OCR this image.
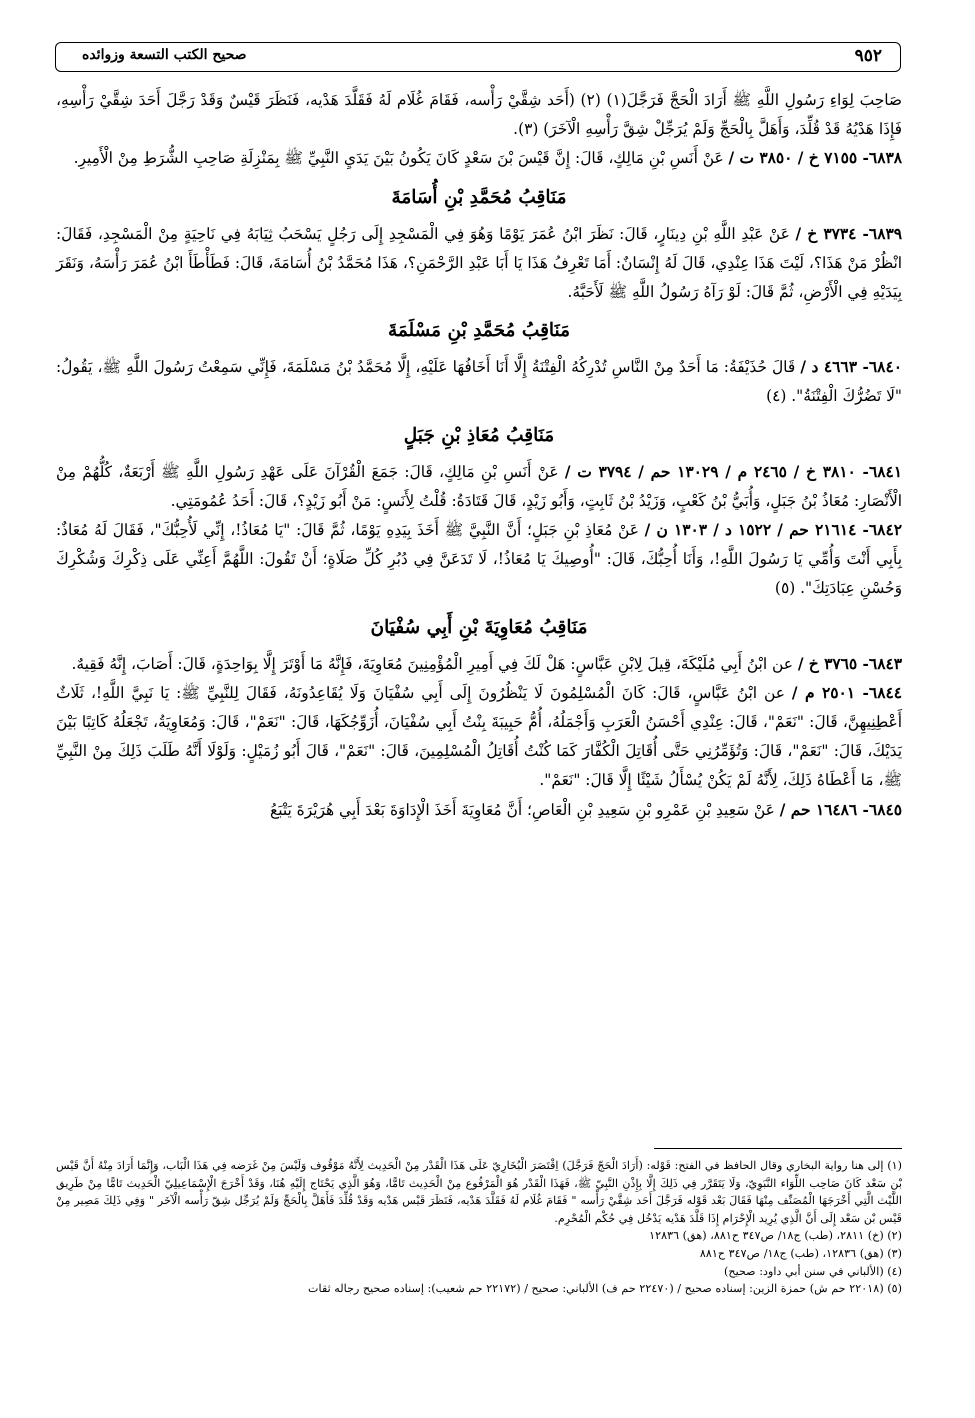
٩٥٢
صحيح الكتب التسعة وزوائده

صَاحِبَ لِوَاءِ رَسُولِ اللَّهِ ﷺ أَرَادَ الْحَجَّ فَرَجَّلَ(١) (٢) (أَحَد شِقَّيْ رَأْسه، فَقَامَ غُلَام لَهُ فَقَلَّدَ هَدْيه، فَنَظَرَ قَيْسٌ وَقَدْ رَجَّلَ أَحَدَ شِقَّيْ رَأْسِهِ، فَإِذَا هَدْيُهُ قَدْ قُلِّدَ، وَأَهَلَّ بِالْحَجِّ وَلَمْ يُرَجِّلْ شِقَّ رَأْسِهِ الْآخَرَ) (٣).

٦٨٣٨- ٧١٥٥ خ / ٣٨٥٠ ت / عَنْ أَنَسِ بْنِ مَالِكٍ، قَالَ: إِنَّ قَيْسَ بْنَ سَعْدٍ كَانَ يَكُونُ بَيْنَ يَدَيِ النَّبِيِّ ﷺ بِمَنْزِلَةِ صَاحِبِ الشُّرَطِ مِنْ الْأَمِيرِ.

مَنَاقِبُ مُحَمَّدِ بْنِ أُسَامَةَ

٦٨٣٩- ٣٧٣٤ خ / عَنْ عَبْدِ اللَّهِ بْنِ دِينَارٍ، قَالَ: نَظَرَ ابْنُ عُمَرَ يَوْمًا وَهُوَ فِي الْمَسْجِدِ إِلَى رَجُلٍ يَسْحَبُ ثِيَابَهُ فِي نَاحِيَةٍ مِنْ الْمَسْجِدِ، فَقَالَ: انْظُرْ مَنْ هَذَا؟، لَيْتَ هَذَا عِنْدِي، قَالَ لَهُ إِنْسَانٌ: أَمَا تَعْرِفُ هَذَا يَا أَبَا عَبْدِ الرَّحْمَنِ؟، هَذَا مُحَمَّدُ بْنُ أُسَامَةَ، قَالَ: فَطَأْطَأَ ابْنُ عُمَرَ رَأْسَهُ، وَنَقَرَ بِيَدَيْهِ فِي الْأَرْضِ، ثُمَّ قَالَ: لَوْ رَآهُ رَسُولُ اللَّهِ ﷺ لَأَحَبَّهُ.

مَنَاقِبُ مُحَمَّدِ بْنِ مَسْلَمَةَ

٦٨٤٠- ٤٦٦٣ د / قَالَ حُذَيْفَةُ: مَا أَحَدٌ مِنْ النَّاسِ تُدْرِكُهُ الْفِتْنَةُ إِلَّا أَنَا أَخَافُهَا عَلَيْهِ، إِلَّا مُحَمَّدُ بْنُ مَسْلَمَةَ، فَإِنِّي سَمِعْتُ رَسُولَ اللَّهِ ﷺ، يَقُولُ: "لَا تَضُرُّكَ الْفِتْنَةُ". (٤)

مَنَاقِبُ مُعَاذِ بْنِ جَبَلٍ

٦٨٤١- ٣٨١٠ خ / ٢٤٦٥ م / ١٣٠٢٩ حم / ٣٧٩٤ ت / عَنْ أَنَسِ بْنِ مَالِكٍ، قَالَ: جَمَعَ الْقُرْآنَ عَلَى عَهْدِ رَسُولِ اللَّهِ ﷺ أَرْبَعَةٌ، كُلُّهُمْ مِنْ الْأَنْصَارِ: مُعَاذُ بْنُ جَبَلٍ، وَأُبَيُّ بْنُ كَعْبٍ، وَزَيْدُ بْنُ ثَابِتٍ، وَأَبُو زَيْدٍ، قَالَ قَتَادَةُ: قُلْتُ لِأَنَسٍ: مَنْ أَبُو زَيْدٍ؟، قَالَ: أَحَدُ عُمُومَتِي.

٦٨٤٢- ٢١٦١٤ حم / ١٥٢٢ د / ١٣٠٣ ن / عَنْ مُعَاذِ بْنِ جَبَلٍ؛ أَنَّ النَّبِيَّ ﷺ أَخَذَ بِيَدِهِ يَوْمًا، ثُمَّ قَالَ: "يَا مُعَاذُ!، إِنِّي لَأُحِبُّكَ"، فَقَالَ لَهُ مُعَاذٌ: بِأَبِي أَنْتَ وَأُمِّي يَا رَسُولَ اللَّهِ!، وَأَنَا أُحِبُّكَ، قَالَ: "أُوصِيكَ يَا مُعَاذُ!، لَا تَدَعَنَّ فِي دُبُرِ كُلِّ صَلَاةٍ؛ أَنْ تَقُولَ: اللَّهُمَّ أَعِنِّي عَلَى ذِكْرِكَ وَشُكْرِكَ وَحُسْنِ عِبَادَتِكَ". (٥)

مَنَاقِبُ مُعَاوِيَةَ بْنِ أَبِي سُفْيَانَ

٦٨٤٣- ٣٧٦٥ خ / عن ابْنُ أَبِي مُلَيْكَةَ، قِيلَ لِابْنِ عَبَّاسٍ: هَلْ لَكَ فِي أَمِيرِ الْمُؤْمِنِينَ مُعَاوِيَةَ، فَإِنَّهُ مَا أَوْتَرَ إِلَّا بِوَاحِدَةٍ، قَالَ: أَصَابَ، إِنَّهُ فَقِيهٌ.

٦٨٤٤- ٢٥٠١ م / عن ابْنُ عَبَّاسٍ، قَالَ: كَانَ الْمُسْلِمُونَ لَا يَنْظُرُونَ إِلَى أَبِي سُفْيَانَ وَلَا يُقَاعِدُونَهُ، فَقَالَ لِلنَّبِيِّ ﷺ: يَا نَبِيَّ اللَّهِ!، ثَلَاثٌ أَعْطِنِيهِنَّ، قَالَ: "نَعَمْ"، قَالَ: عِنْدِي أَحْسَنُ الْعَرَبِ وَأَجْمَلُهُ، أُمُّ حَبِيبَةَ بِنْتُ أَبِي سُفْيَانَ، أُزَوِّجُكَهَا، قَالَ: "نَعَمْ"، قَالَ: وَمُعَاوِيَةُ، تَجْعَلُهُ كَاتِبًا بَيْنَ يَدَيْكَ، قَالَ: "نَعَمْ"، قَالَ: وَتُؤَمِّرُنِي حَتَّى أُقَاتِلَ الْكُفَّارَ كَمَا كُنْتُ أُقَاتِلُ الْمُسْلِمِينَ، قَالَ: "نَعَمْ"، قَالَ أَبُو زُمَيْلٍ: وَلَوْلَا أَنَّهُ طَلَبَ ذَلِكَ مِنْ النَّبِيِّ ﷺ، مَا أَعْطَاهُ ذَلِكَ، لِأَنَّهُ لَمْ يَكُنْ يُسْأَلُ شَيْئًا إِلَّا قَالَ: "نَعَمْ".

٦٨٤٥- ١٦٤٨٦ حم / عَنْ سَعِيدِ بْنِ عَمْرِو بْنِ سَعِيدِ بْنِ الْعَاصِ؛ أَنَّ مُعَاوِيَةَ أَخَذَ الْإِدَاوَةَ بَعْدَ أَبِي هُرَيْرَةَ يَتْبَعُ

(١) إلى هنا رواية البخاري وقال الحافظ في الفتح: قَوْله: (أَرَادَ الْحَجّ فَرَجَّلَ) اِقْتَصَرَ الْبُخَارِيّ عَلَى هَذَا الْقَدْر مِنْ الْحَدِيث لِأَنَّهُ مَوْقُوف وَلَيْسَ مِنْ غَرَضه فِي هَذَا الْبَاب، وَإِنَّمَا أَرَادَ مِنْهُ أَنَّ قَيْس بْن سَعْد كَانَ صَاحِب اللِّوَاء النَّبَوِيّ، وَلَا يَتَقَرَّر فِي ذَلِكَ إِلَّا بِإِذْنِ النَّبِيّ ﷺ، فَهَذَا الْقَدْر هُوَ الْمَرْفُوع مِنْ الْحَدِيث تَامًّا، وَهُوَ الَّذِي يَحْتَاج إِلَيْهِ هُنَا، وَقَدْ أَخْرَجَ الْإِسْمَاعِيلِيّ الْحَدِيث تَامًّا مِنْ طَرِيق اللَّيْث الَّتِي أَخْرَجَهَا الْمُصَنِّف مِنْهَا فَقَالَ بَعْد قَوْله فَرَجَّلَ أَحَد شِقَّيْ رَأْسه " فَقَامَ غُلَام لَهُ فَقَلَّدَ هَدْيه، فَنَظَرَ قَيْس هَدْيه وَقَدْ قُلِّدَ فَأَهَلَّ بِالْحَجِّ وَلَمْ يُرَجِّل شِقّ رَأْسه الْآخَر " وَفِي ذَلِكَ مَصِير مِنْ قَيْس بْن سَعْد إِلَى أَنَّ الَّذِي يُرِيد الْإِحْرَام إِذَا قَلَّدَ هَدْيه يَدْخُل فِي حُكْم الْمُحْرِم.

(٢) (خ) ٢٨١١، (طب) ج١٨/ ص٣٤٧ ح٨٨١، (هق) ١٢٨٣٦

(٣) (هق) ١٢٨٣٦، (طب) ج١٨/ ص٣٤٧ ح٨٨١

(٤) (الألباني في سنن أبي داود: صحيح)

(٥) (٢٢٠١٨ حم ش) حمزة الزين: إسناده صحيح / (٢٢٤٧٠ حم ف) الألباني: صحيح / (٢٢١٧٢ حم شعيب): إسناده صحيح رجاله ثقات
